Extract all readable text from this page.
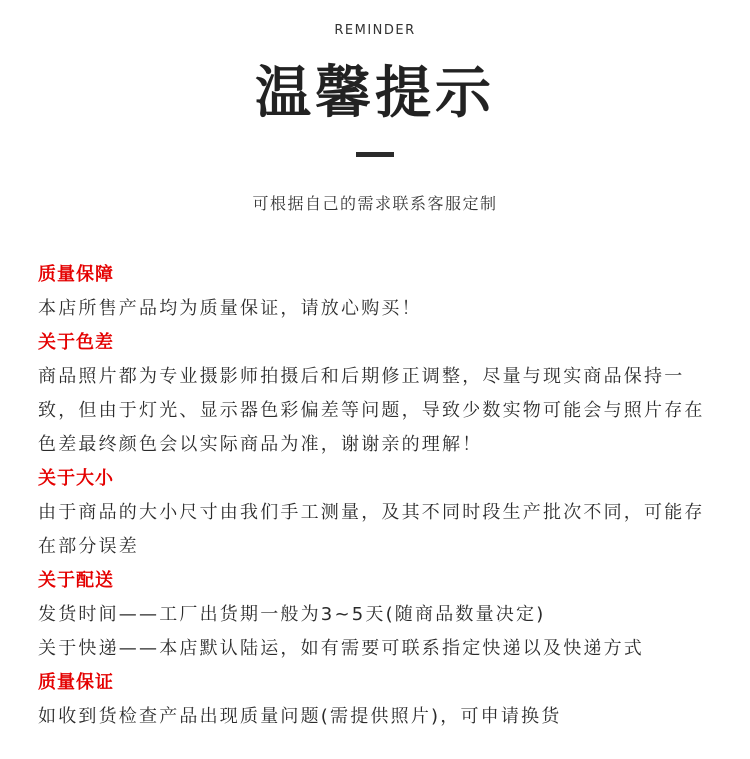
REMINDER
温馨提示
可根据自己的需求联系客服定制
质量保障
本店所售产品均为质量保证，请放心购买！
关于色差
商品照片都为专业摄影师拍摄后和后期修正调整，尽量与现实商品保持一致，但由于灯光、显示器色彩偏差等问题，导致少数实物可能会与照片存在色差最终颜色会以实际商品为准，谢谢亲的理解！
关于大小
由于商品的大小尺寸由我们手工测量，及其不同时段生产批次不同，可能存在部分误差
关于配送
发货时间——工厂出货期一般为3~5天(随商品数量决定)
关于快递——本店默认陆运，如有需要可联系指定快递以及快递方式
质量保证
如收到货检查产品出现质量问题(需提供照片)，可申请换货
